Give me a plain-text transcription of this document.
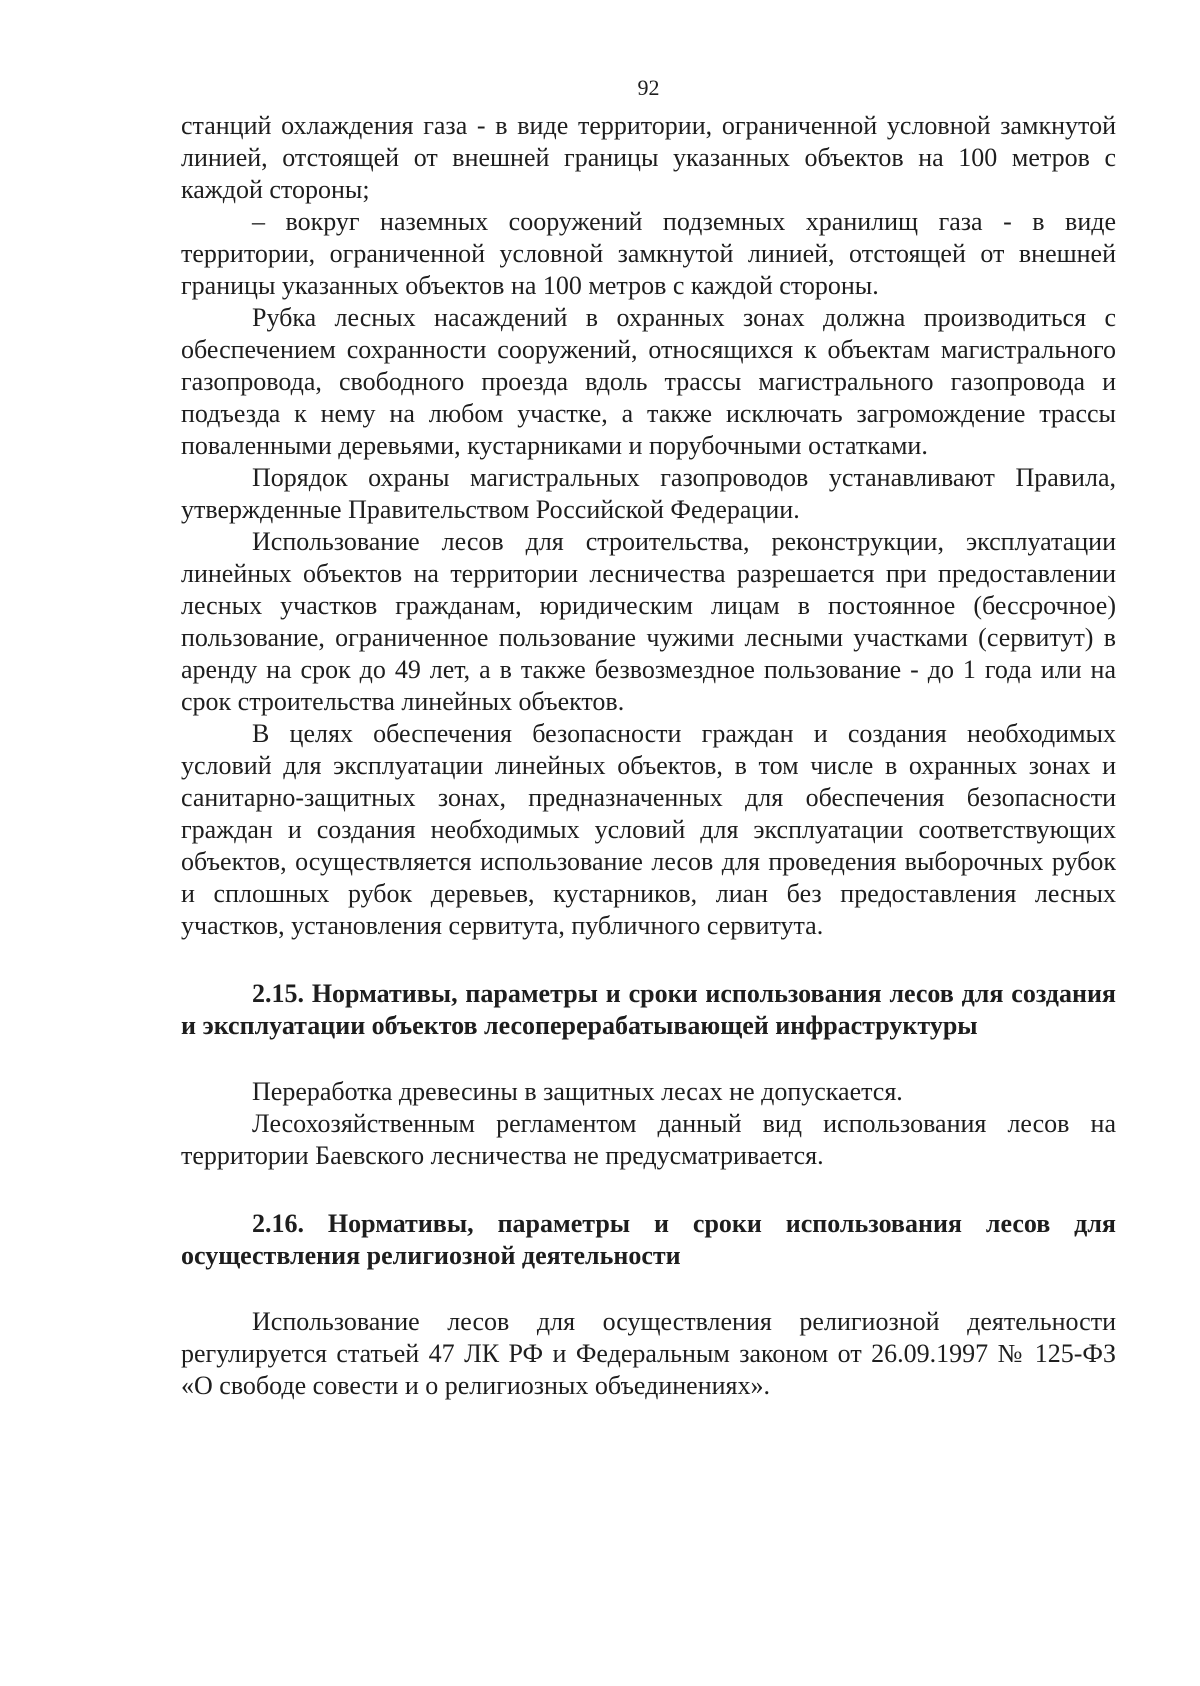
92

станций охлаждения газа - в виде территории, ограниченной условной замкнутой линией, отстоящей от внешней границы указанных объектов на 100 метров с каждой стороны;

– вокруг наземных сооружений подземных хранилищ газа - в виде территории, ограниченной условной замкнутой линией, отстоящей от внешней границы указанных объектов на 100 метров с каждой стороны.

Рубка лесных насаждений в охранных зонах должна производиться с обеспечением сохранности сооружений, относящихся к объектам магистрального газопровода, свободного проезда вдоль трассы магистрального газопровода и подъезда к нему на любом участке, а также исключать загромождение трассы поваленными деревьями, кустарниками и порубочными остатками.

Порядок охраны магистральных газопроводов устанавливают Правила, утвержденные Правительством Российской Федерации.

Использование лесов для строительства, реконструкции, эксплуатации линейных объектов на территории лесничества разрешается при предоставлении лесных участков гражданам, юридическим лицам в постоянное (бессрочное) пользование, ограниченное пользование чужими лесными участками (сервитут) в аренду на срок до 49 лет, а в также безвозмездное пользование - до 1 года или на срок строительства линейных объектов.

В целях обеспечения безопасности граждан и создания необходимых условий для эксплуатации линейных объектов, в том числе в охранных зонах и санитарно-защитных зонах, предназначенных для обеспечения безопасности граждан и создания необходимых условий для эксплуатации соответствующих объектов, осуществляется использование лесов для проведения выборочных рубок и сплошных рубок деревьев, кустарников, лиан без предоставления лесных участков, установления сервитута, публичного сервитута.

2.15. Нормативы, параметры и сроки использования лесов для создания и эксплуатации объектов лесоперерабатывающей инфраструктуры

Переработка древесины в защитных лесах не допускается.

Лесохозяйственным регламентом данный вид использования лесов на территории Баевского лесничества не предусматривается.

2.16. Нормативы, параметры и сроки использования лесов для осуществления религиозной деятельности

Использование лесов для осуществления религиозной деятельности регулируется статьей 47 ЛК РФ и Федеральным законом от 26.09.1997 № 125-ФЗ «О свободе совести и о религиозных объединениях».
